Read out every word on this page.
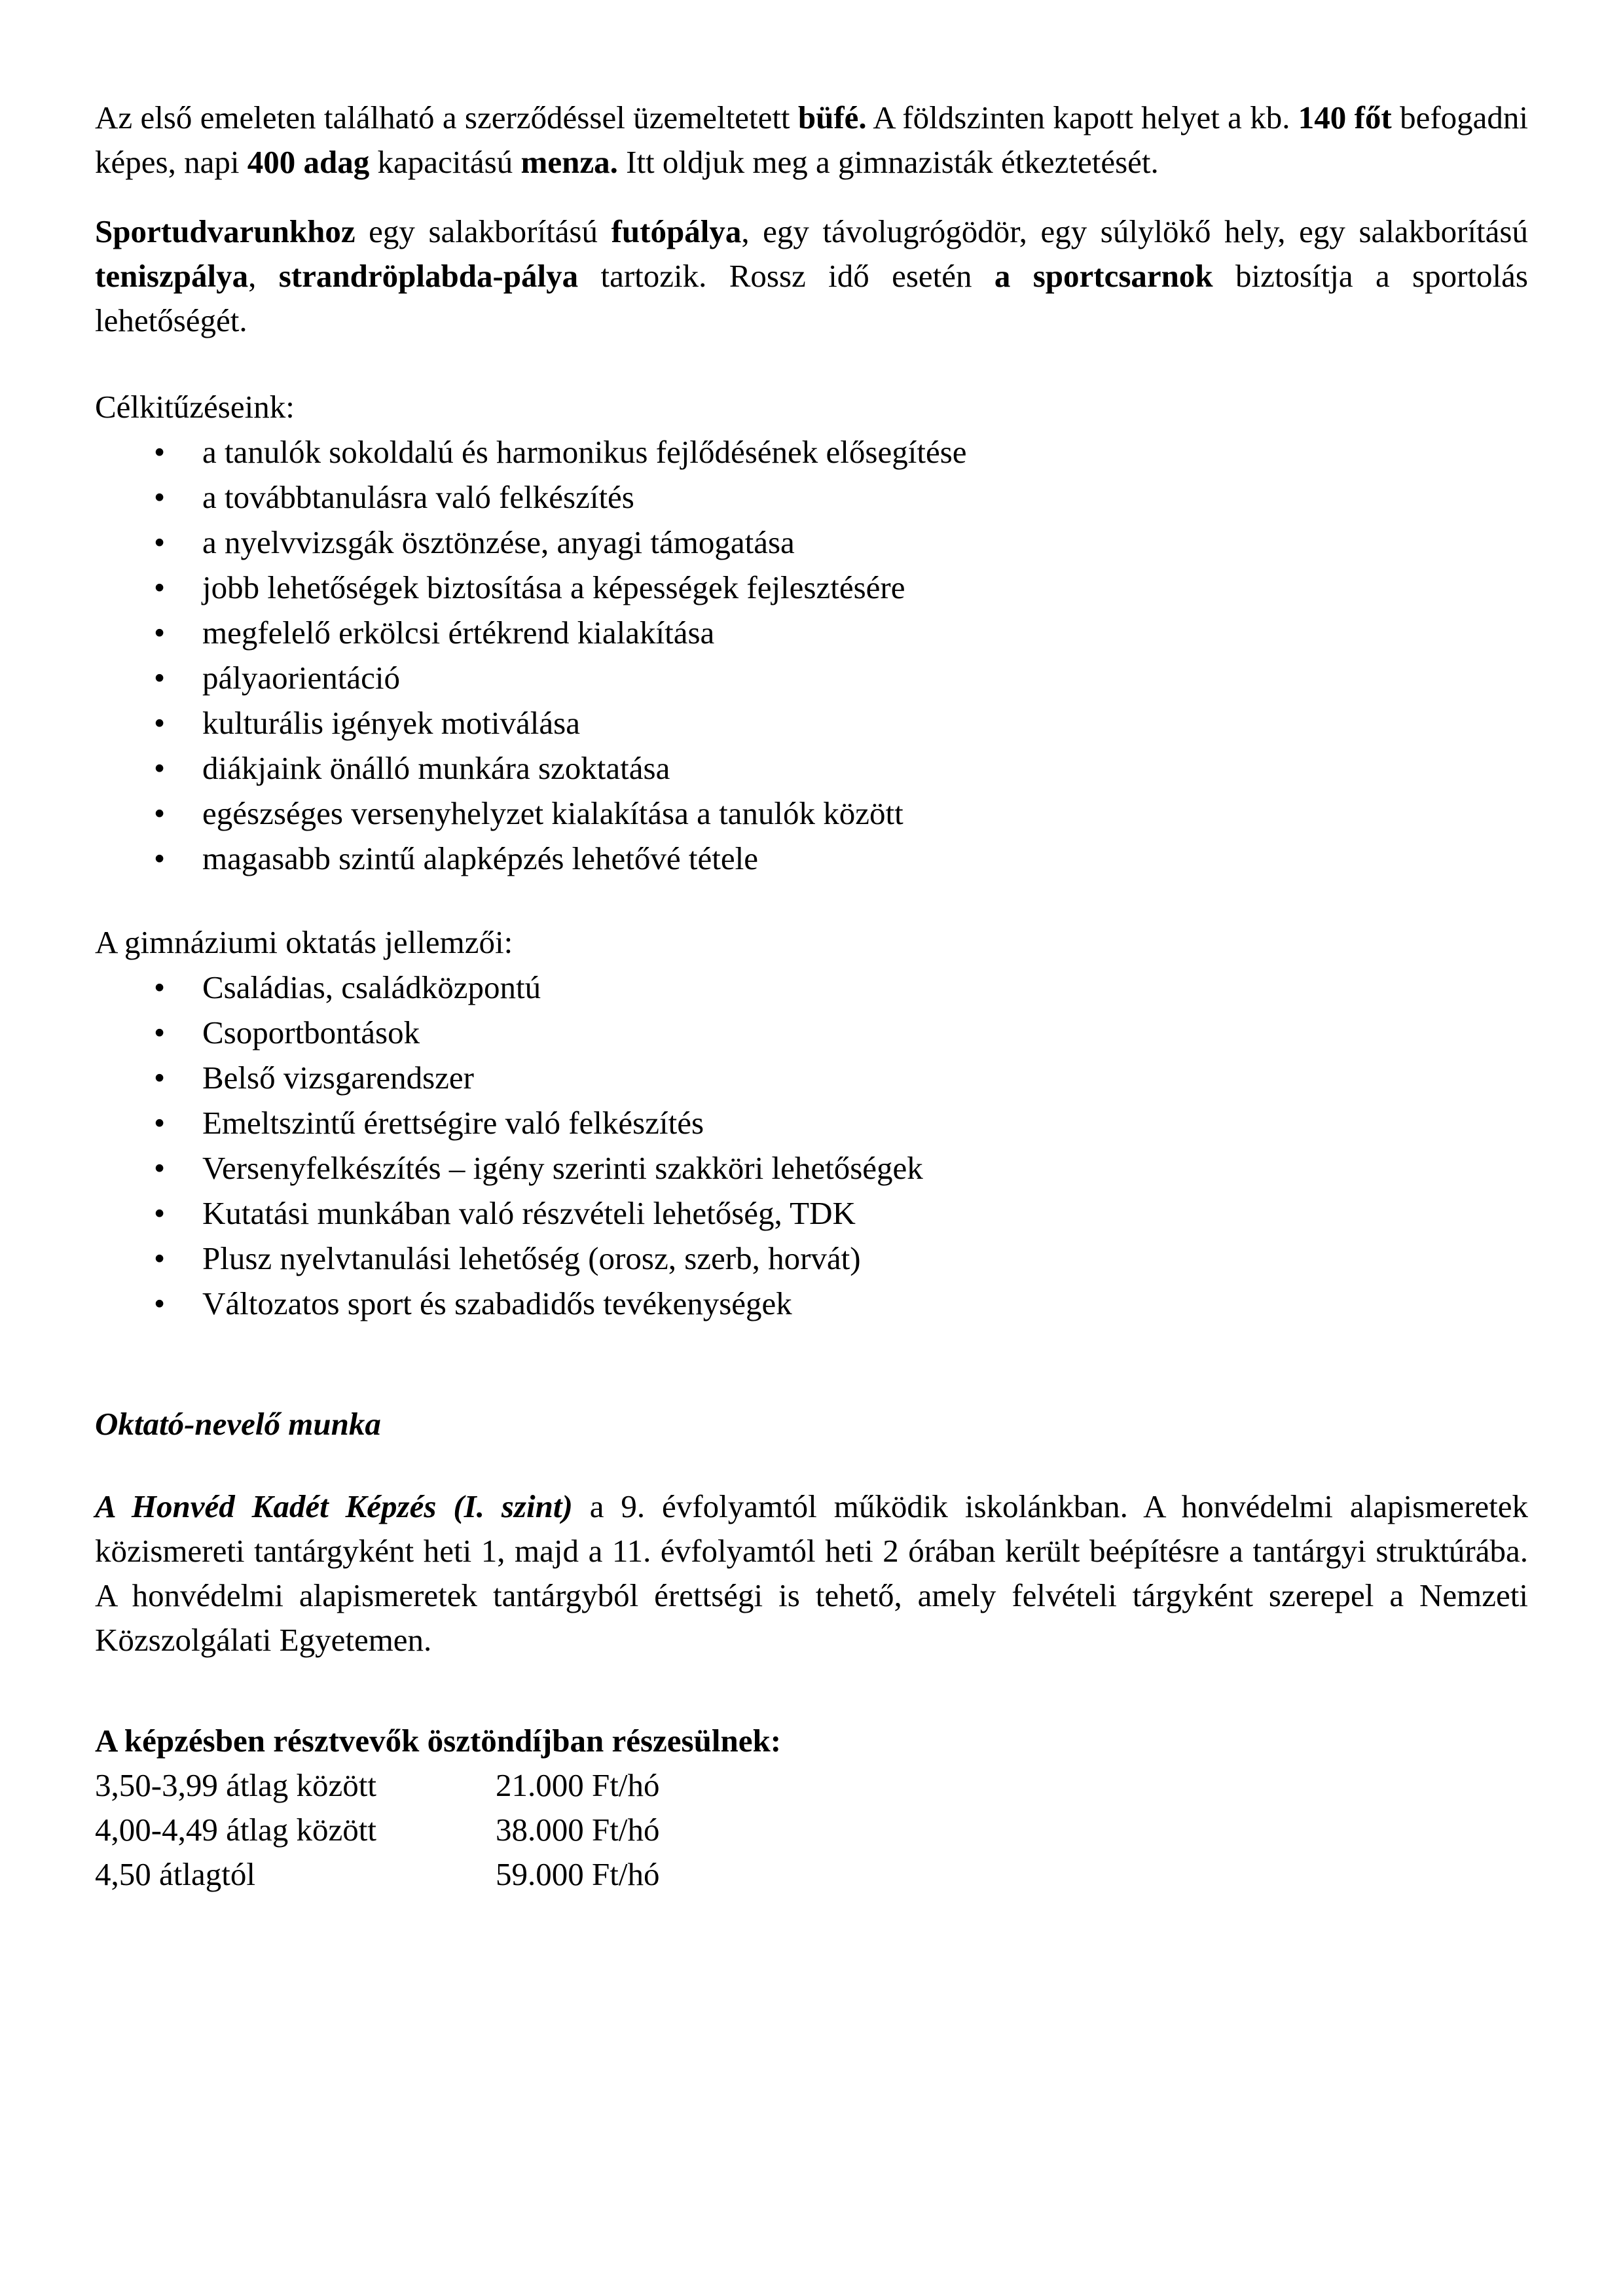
Az első emeleten található a szerződéssel üzemeltetett büfé. A földszinten kapott helyet a kb. 140 főt befogadni képes, napi 400 adag kapacitású menza. Itt oldjuk meg a gimnazisták étkeztetését.

Sportudvarunkhoz egy salakborítású futópálya, egy távolugrógödör, egy súlylökő hely, egy salakborítású teniszpálya, strandröplabda-pálya tartozik. Rossz idő esetén a sportcsarnok biztosítja a sportolás lehetőségét.

Célkitűzéseink:
• a tanulók sokoldalú és harmonikus fejlődésének elősegítése
• a továbbtanulásra való felkészítés
• a nyelvvizsgák ösztönzése, anyagi támogatása
• jobb lehetőségek biztosítása a képességek fejlesztésére
• megfelelő erkölcsi értékrend kialakítása
• pályaorientáció
• kulturális igények motiválása
• diákjaink önálló munkára szoktatása
• egészséges versenyhelyzet kialakítása a tanulók között
• magasabb szintű alapképzés lehetővé tétele
A gimnáziumi oktatás jellemzői:
• Családias, családközpontú
• Csoportbontások
• Belső vizsgarendszer
• Emeltszintű érettségire való felkészítés
• Versenyfelkészítés – igény szerinti szakköri lehetőségek
• Kutatási munkában való részvételi lehetőség, TDK
• Plusz nyelvtanulási lehetőség (orosz, szerb, horvát)
• Változatos sport és szabadidős tevékenységek
Oktató-nevelő munka

A Honvéd Kadét Képzés (I. szint) a 9. évfolyamtól működik iskolánkban. A honvédelmi alapismeretek közismereti tantárgyként heti 1, majd a 11. évfolyamtól heti 2 órában került beépítésre a tantárgyi struktúrába. A honvédelmi alapismeretek tantárgyból érettségi is tehető, amely felvételi tárgyként szerepel a Nemzeti Közszolgálati Egyetemen.

A képzésben résztvevők ösztöndíjban részesülnek:
3,50-3,99 átlag között	21.000 Ft/hó
4,00-4,49 átlag között	38.000 Ft/hó
4,50 átlagtól	59.000 Ft/hó
